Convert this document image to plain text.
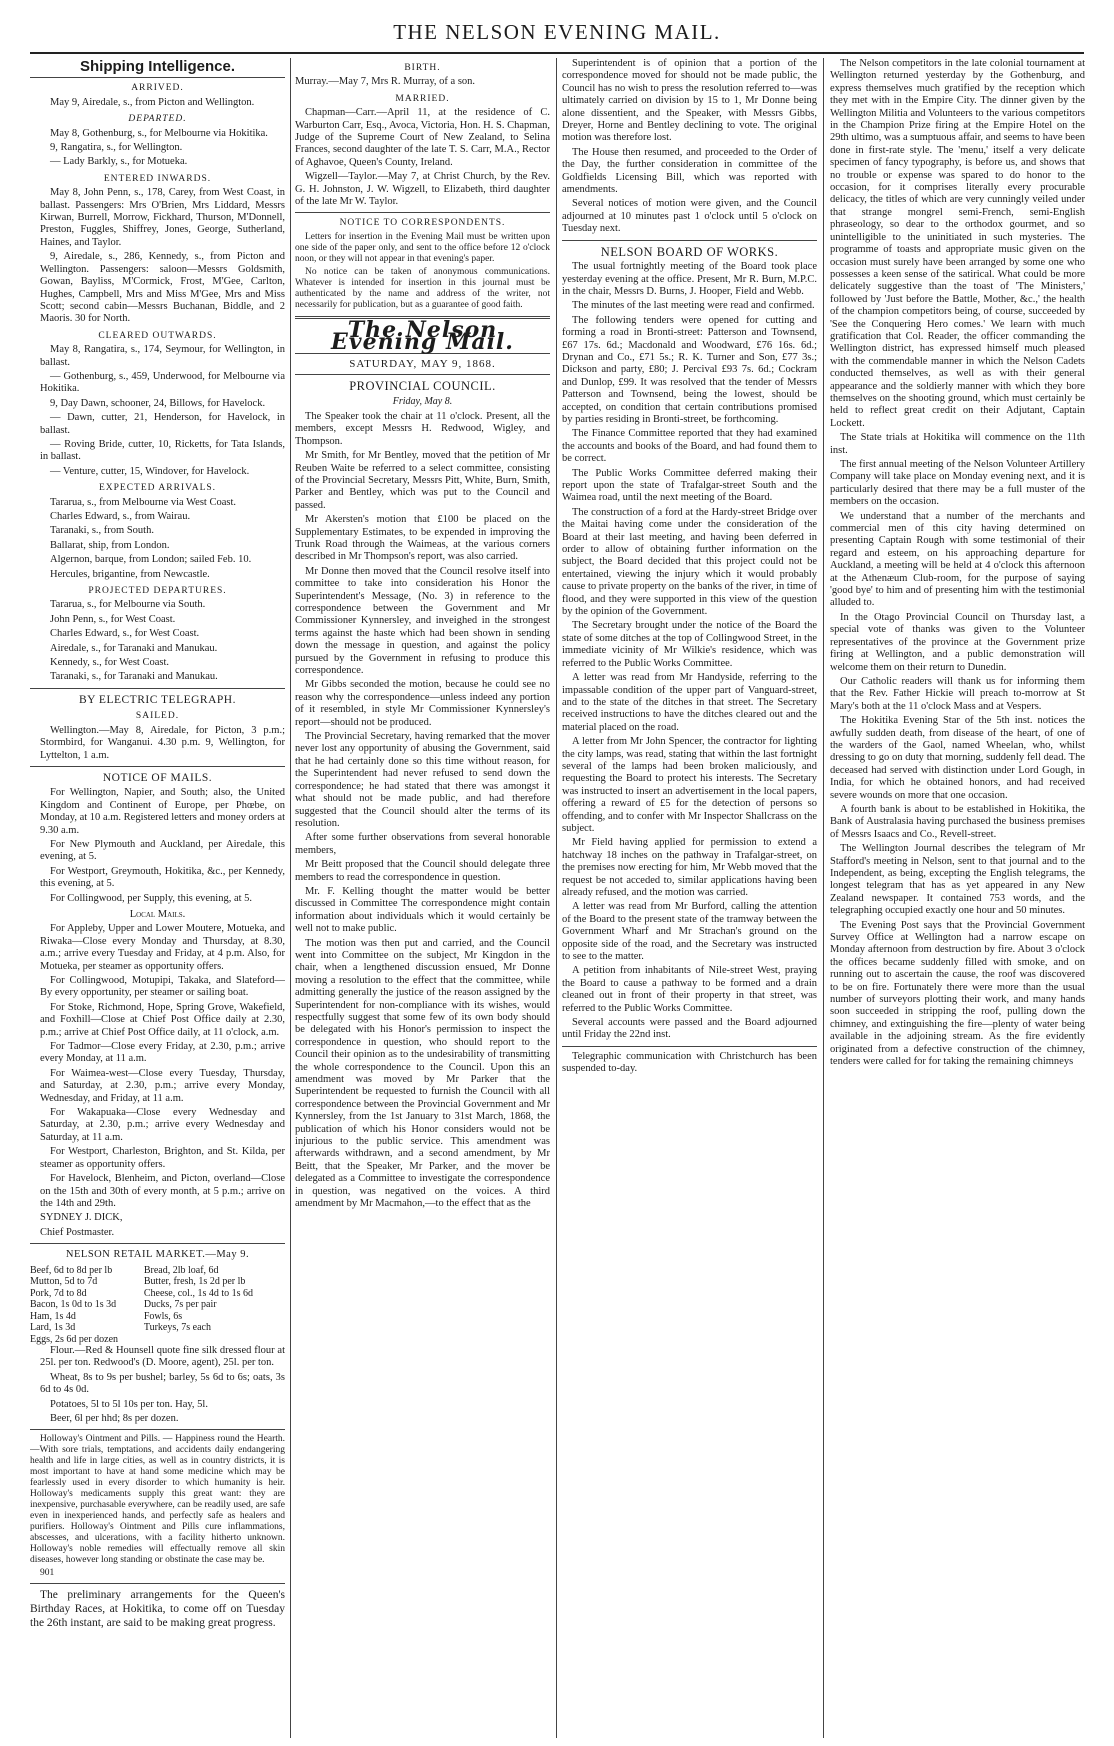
THE NELSON EVENING MAIL.
Shipping Intelligence.
ARRIVED.

May 9, Airedale, s., from Picton and Wellington.

DEPARTED.

May 8, Gothenburg, s., for Melbourne via Hokitika.

9, Rangatira, s., for Wellington.

— Lady Barkly, s., for Motueka.

ENTERED INWARDS.

May 8, John Penn, s., 178, Carey, from West Coast, in ballast. Passengers: Mrs O'Brien, Mrs Liddard, Messrs Kirwan, Burrell, Morrow, Fickhard, Thurson, M'Donnell, Preston, Fuggles, Shiffrey, Jones, George, Sutherland, Haines, and Taylor.

9, Airedale, s., 286, Kennedy, s., from Picton and Wellington. Passengers: saloon—Messrs Goldsmith, Gowan, Bayliss, M'Cormick, Frost, M'Gee, Carlton, Hughes, Campbell, Mrs and Miss M'Gee, Mrs and Miss Scott; second cabin—Messrs Buchanan, Biddle, and 2 Maoris. 30 for North.

CLEARED OUTWARDS.

May 8, Rangatira, s., 174, Seymour, for Wellington, in ballast.

— Gothenburg, s., 459, Underwood, for Melbourne via Hokitika.

9, Day Dawn, schooner, 24, Billows, for Havelock.

— Dawn, cutter, 21, Henderson, for Havelock, in ballast.

— Roving Bride, cutter, 10, Ricketts, for Tata Islands, in ballast.

— Venture, cutter, 15, Windover, for Havelock.

EXPECTED ARRIVALS.

Tararua, s., from Melbourne via West Coast.

Charles Edward, s., from Wairau.

Taranaki, s., from South.

Ballarat, ship, from London.

Algernon, barque, from London; sailed Feb. 10.

Hercules, brigantine, from Newcastle.

PROJECTED DEPARTURES.

Tararua, s., for Melbourne via South.

John Penn, s., for West Coast.

Charles Edward, s., for West Coast.

Airedale, s., for Taranaki and Manukau.

Kennedy, s., for West Coast.

Taranaki, s., for Taranaki and Manukau.

BY ELECTRIC TELEGRAPH.
SAILED.

Wellington.—May 8, Airedale, for Picton, 3 p.m.; Stormbird, for Wanganui. 4.30 p.m. 9, Wellington, for Lyttelton, 1 a.m.

NOTICE OF MAILS.

For Wellington, Napier, and South; also, the United Kingdom and Continent of Europe, per Phœbe, on Monday, at 10 a.m. Registered letters and money orders at 9.30 a.m.

For New Plymouth and Auckland, per Airedale, this evening, at 5.

For Westport, Greymouth, Hokitika, &c., per Kennedy, this evening, at 5.

For Collingwood, per Supply, this evening, at 5.

Local Mails.

For Appleby, Upper and Lower Moutere, Motueka, and Riwaka—Close every Monday and Thursday, at 8.30, a.m.; arrive every Tuesday and Friday, at 4 p.m. Also, for Motueka, per steamer as opportunity offers.

For Collingwood, Motupipi, Takaka, and Slateford—By every opportunity, per steamer or sailing boat.

For Stoke, Richmond, Hope, Spring Grove, Wakefield, and Foxhill—Close at Chief Post Office daily at 2.30, p.m.; arrive at Chief Post Office daily, at 11 o'clock, a.m.

For Tadmor—Close every Friday, at 2.30, p.m.; arrive every Monday, at 11 a.m.

For Waimea-west—Close every Tuesday, Thursday, and Saturday, at 2.30, p.m.; arrive every Monday, Wednesday, and Friday, at 11 a.m.

For Wakapuaka—Close every Wednesday and Saturday, at 2.30, p.m.; arrive every Wednesday and Saturday, at 11 a.m.

For Westport, Charleston, Brighton, and St. Kilda, per steamer as opportunity offers.

For Havelock, Blenheim, and Picton, overland—Close on the 15th and 30th of every month, at 5 p.m.; arrive on the 14th and 29th.

SYDNEY J. DICK,

Chief Postmaster.

NELSON RETAIL MARKET.—May 9.
Beef, 6d to 8d per lb	Bread, 2lb loaf, 6d
Mutton, 5d to 7d	Butter, fresh, 1s 2d per lb
Pork, 7d to 8d	Cheese, col., 1s 4d to 1s 6d
Bacon, 1s 0d to 1s 3d	Ducks, 7s per pair
Ham, 1s 4d	Fowls, 6s
Lard, 1s 3d	Turkeys, 7s each
Eggs, 2s 6d per dozen	

Flour.—Red & Hounsell quote fine silk dressed flour at 25l. per ton. Redwood's (D. Moore, agent), 25l. per ton.

Wheat, 8s to 9s per bushel; barley, 5s 6d to 6s; oats, 3s 6d to 4s 0d.

Potatoes, 5l to 5l 10s per ton. Hay, 5l.

Beer, 6l per hhd; 8s per dozen.

Holloway's Ointment and Pills. — Happiness round the Hearth.—With sore trials, temptations, and accidents daily endangering health and life in large cities, as well as in country districts, it is most important to have at hand some medicine which may be fearlessly used in every disorder to which humanity is heir. Holloway's medicaments supply this great want: they are inexpensive, purchasable everywhere, can be readily used, are safe even in inexperienced hands, and perfectly safe as healers and purifiers. Holloway's Ointment and Pills cure inflammations, abscesses, and ulcerations, with a facility hitherto unknown. Holloway's noble remedies will effectually remove all skin diseases, however long standing or obstinate the case may be.

901

The preliminary arrangements for the Queen's Birthday Races, at Hokitika, to come off on Tuesday the 26th instant, are said to be making great progress.

BIRTH.

Murray.—May 7, Mrs R. Murray, of a son.

MARRIED.

Chapman—Carr.—April 11, at the residence of C. Warburton Carr, Esq., Avoca, Victoria, Hon. H. S. Chapman, Judge of the Supreme Court of New Zealand, to Selina Frances, second daughter of the late T. S. Carr, M.A., Rector of Aghavoe, Queen's County, Ireland.

Wigzell—Taylor.—May 7, at Christ Church, by the Rev. G. H. Johnston, J. W. Wigzell, to Elizabeth, third daughter of the late Mr W. Taylor.

NOTICE TO CORRESPONDENTS.

Letters for insertion in the Evening Mail must be written upon one side of the paper only, and sent to the office before 12 o'clock noon, or they will not appear in that evening's paper.

No notice can be taken of anonymous communications. Whatever is intended for insertion in this journal must be authenticated by the name and address of the writer, not necessarily for publication, but as a guarantee of good faith.

The Nelson Evening Mail.
SATURDAY, MAY 9, 1868.
PROVINCIAL COUNCIL.
Friday, May 8.

The Speaker took the chair at 11 o'clock. Present, all the members, except Messrs H. Redwood, Wigley, and Thompson.

Mr Smith, for Mr Bentley, moved that the petition of Mr Reuben Waite be referred to a select committee, consisting of the Provincial Secretary, Messrs Pitt, White, Burn, Smith, Parker and Bentley, which was put to the Council and passed.

Mr Akersten's motion that £100 be placed on the Supplementary Estimates, to be expended in improving the Trunk Road through the Waimeas, at the various corners described in Mr Thompson's report, was also carried.

Mr Donne then moved that the Council resolve itself into committee to take into consideration his Honor the Superintendent's Message, (No. 3) in reference to the correspondence between the Government and Mr Commissioner Kynnersley, and inveighed in the strongest terms against the haste which had been shown in sending down the message in question, and against the policy pursued by the Government in refusing to produce this correspondence.

Mr Gibbs seconded the motion, because he could see no reason why the correspondence—unless indeed any portion of it resembled, in style Mr Commissioner Kynnersley's report—should not be produced.

The Provincial Secretary, having remarked that the mover never lost any opportunity of abusing the Government, said that he had certainly done so this time without reason, for the Superintendent had never refused to send down the correspondence; he had stated that there was amongst it what should not be made public, and had therefore suggested that the Council should alter the terms of its resolution.

After some further observations from several honorable members,

Mr Beitt proposed that the Council should delegate three members to read the correspondence in question.

Mr. F. Kelling thought the matter would be better discussed in Committee The correspondence might contain information about individuals which it would certainly be well not to make public.

The motion was then put and carried, and the Council went into Committee on the subject, Mr Kingdon in the chair, when a lengthened discussion ensued, Mr Donne moving a resolution to the effect that the committee, while admitting generally the justice of the reason assigned by the Superintendent for non-compliance with its wishes, would respectfully suggest that some few of its own body should be delegated with his Honor's permission to inspect the correspondence in question, who should report to the Council their opinion as to the undesirability of transmitting the whole correspondence to the Council. Upon this an amendment was moved by Mr Parker that the Superintendent be requested to furnish the Council with all correspondence between the Provincial Government and Mr Kynnersley, from the 1st January to 31st March, 1868, the publication of which his Honor considers would not be injurious to the public service. This amendment was afterwards withdrawn, and a second amendment, by Mr Beitt, that the Speaker, Mr Parker, and the mover be delegated as a Committee to investigate the correspondence in question, was negatived on the voices. A third amendment by Mr Macmahon,—to the effect that as the

Superintendent is of opinion that a portion of the correspondence moved for should not be made public, the Council has no wish to press the resolution referred to—was ultimately carried on division by 15 to 1, Mr Donne being alone dissentient, and the Speaker, with Messrs Gibbs, Dreyer, Horne and Bentley declining to vote. The original motion was therefore lost.

The House then resumed, and proceeded to the Order of the Day, the further consideration in committee of the Goldfields Licensing Bill, which was reported with amendments.

Several notices of motion were given, and the Council adjourned at 10 minutes past 1 o'clock until 5 o'clock on Tuesday next.

NELSON BOARD OF WORKS.

The usual fortnightly meeting of the Board took place yesterday evening at the office. Present, Mr R. Burn, M.P.C. in the chair, Messrs D. Burns, J. Hooper, Field and Webb.

The minutes of the last meeting were read and confirmed.

The following tenders were opened for cutting and forming a road in Bronti-street: Patterson and Townsend, £67 17s. 6d.; Macdonald and Woodward, £76 16s. 6d.; Drynan and Co., £71 5s.; R. K. Turner and Son, £77 3s.; Dickson and party, £80; J. Percival £93 7s. 6d.; Cockram and Dunlop, £99. It was resolved that the tender of Messrs Patterson and Townsend, being the lowest, should be accepted, on condition that certain contributions promised by parties residing in Bronti-street, be forthcoming.

The Finance Committee reported that they had examined the accounts and books of the Board, and had found them to be correct.

The Public Works Committee deferred making their report upon the state of Trafalgar-street South and the Waimea road, until the next meeting of the Board.

The construction of a ford at the Hardy-street Bridge over the Maitai having come under the consideration of the Board at their last meeting, and having been deferred in order to allow of obtaining further information on the subject, the Board decided that this project could not be entertained, viewing the injury which it would probably cause to private property on the banks of the river, in time of flood, and they were supported in this view of the question by the opinion of the Government.

The Secretary brought under the notice of the Board the state of some ditches at the top of Collingwood Street, in the immediate vicinity of Mr Wilkie's residence, which was referred to the Public Works Committee.

A letter was read from Mr Handyside, referring to the impassable condition of the upper part of Vanguard-street, and to the state of the ditches in that street. The Secretary received instructions to have the ditches cleared out and the material placed on the road.

A letter from Mr John Spencer, the contractor for lighting the city lamps, was read, stating that within the last fortnight several of the lamps had been broken maliciously, and requesting the Board to protect his interests. The Secretary was instructed to insert an advertisement in the local papers, offering a reward of £5 for the detection of persons so offending, and to confer with Mr Inspector Shallcrass on the subject.

Mr Field having applied for permission to extend a hatchway 18 inches on the pathway in Trafalgar-street, on the premises now erecting for him, Mr Webb moved that the request be not acceded to, similar applications having been already refused, and the motion was carried.

A letter was read from Mr Burford, calling the attention of the Board to the present state of the tramway between the Government Wharf and Mr Strachan's ground on the opposite side of the road, and the Secretary was instructed to see to the matter.

A petition from inhabitants of Nile-street West, praying the Board to cause a pathway to be formed and a drain cleaned out in front of their property in that street, was referred to the Public Works Committee.

Several accounts were passed and the Board adjourned until Friday the 22nd inst.

Telegraphic communication with Christchurch has been suspended to-day.

The Nelson competitors in the late colonial tournament at Wellington returned yesterday by the Gothenburg, and express themselves much gratified by the reception which they met with in the Empire City. The dinner given by the Wellington Militia and Volunteers to the various competitors in the Champion Prize firing at the Empire Hotel on the 29th ultimo, was a sumptuous affair, and seems to have been done in first-rate style. The 'menu,' itself a very delicate specimen of fancy typography, is before us, and shows that no trouble or expense was spared to do honor to the occasion, for it comprises literally every procurable delicacy, the titles of which are very cunningly veiled under that strange mongrel semi-French, semi-English phraseology, so dear to the orthodox gourmet, and so unintelligible to the uninitiated in such mysteries. The programme of toasts and appropriate music given on the occasion must surely have been arranged by some one who possesses a keen sense of the satirical. What could be more delicately suggestive than the toast of 'The Ministers,' followed by 'Just before the Battle, Mother, &c.,' the health of the champion competitors being, of course, succeeded by 'See the Conquering Hero comes.' We learn with much gratification that Col. Reader, the officer commanding the Wellington district, has expressed himself much pleased with the commendable manner in which the Nelson Cadets conducted themselves, as well as with their general appearance and the soldierly manner with which they bore themselves on the shooting ground, which must certainly be held to reflect great credit on their Adjutant, Captain Lockett.

The State trials at Hokitika will commence on the 11th inst.

The first annual meeting of the Nelson Volunteer Artillery Company will take place on Monday evening next, and it is particularly desired that there may be a full muster of the members on the occasion.

We understand that a number of the merchants and commercial men of this city having determined on presenting Captain Rough with some testimonial of their regard and esteem, on his approaching departure for Auckland, a meeting will be held at 4 o'clock this afternoon at the Athenæum Club-room, for the purpose of saying 'good bye' to him and of presenting him with the testimonial alluded to.

In the Otago Provincial Council on Thursday last, a special vote of thanks was given to the Volunteer representatives of the province at the Government prize firing at Wellington, and a public demonstration will welcome them on their return to Dunedin.

Our Catholic readers will thank us for informing them that the Rev. Father Hickie will preach to-morrow at St Mary's both at the 11 o'clock Mass and at Vespers.

The Hokitika Evening Star of the 5th inst. notices the awfully sudden death, from disease of the heart, of one of the warders of the Gaol, named Wheelan, who, whilst dressing to go on duty that morning, suddenly fell dead. The deceased had served with distinction under Lord Gough, in India, for which he obtained honors, and had received severe wounds on more that one occasion.

A fourth bank is about to be established in Hokitika, the Bank of Australasia having purchased the business premises of Messrs Isaacs and Co., Revell-street.

The Wellington Journal describes the telegram of Mr Stafford's meeting in Nelson, sent to that journal and to the Independent, as being, excepting the English telegrams, the longest telegram that has as yet appeared in any New Zealand newspaper. It contained 753 words, and the telegraphing occupied exactly one hour and 50 minutes.

The Evening Post says that the Provincial Government Survey Office at Wellington had a narrow escape on Monday afternoon from destruction by fire. About 3 o'clock the offices became suddenly filled with smoke, and on running out to ascertain the cause, the roof was discovered to be on fire. Fortunately there were more than the usual number of surveyors plotting their work, and many hands soon succeeded in stripping the roof, pulling down the chimney, and extinguishing the fire—plenty of water being available in the adjoining stream. As the fire evidently originated from a defective construction of the chimney, tenders were called for for taking the remaining chimneys
